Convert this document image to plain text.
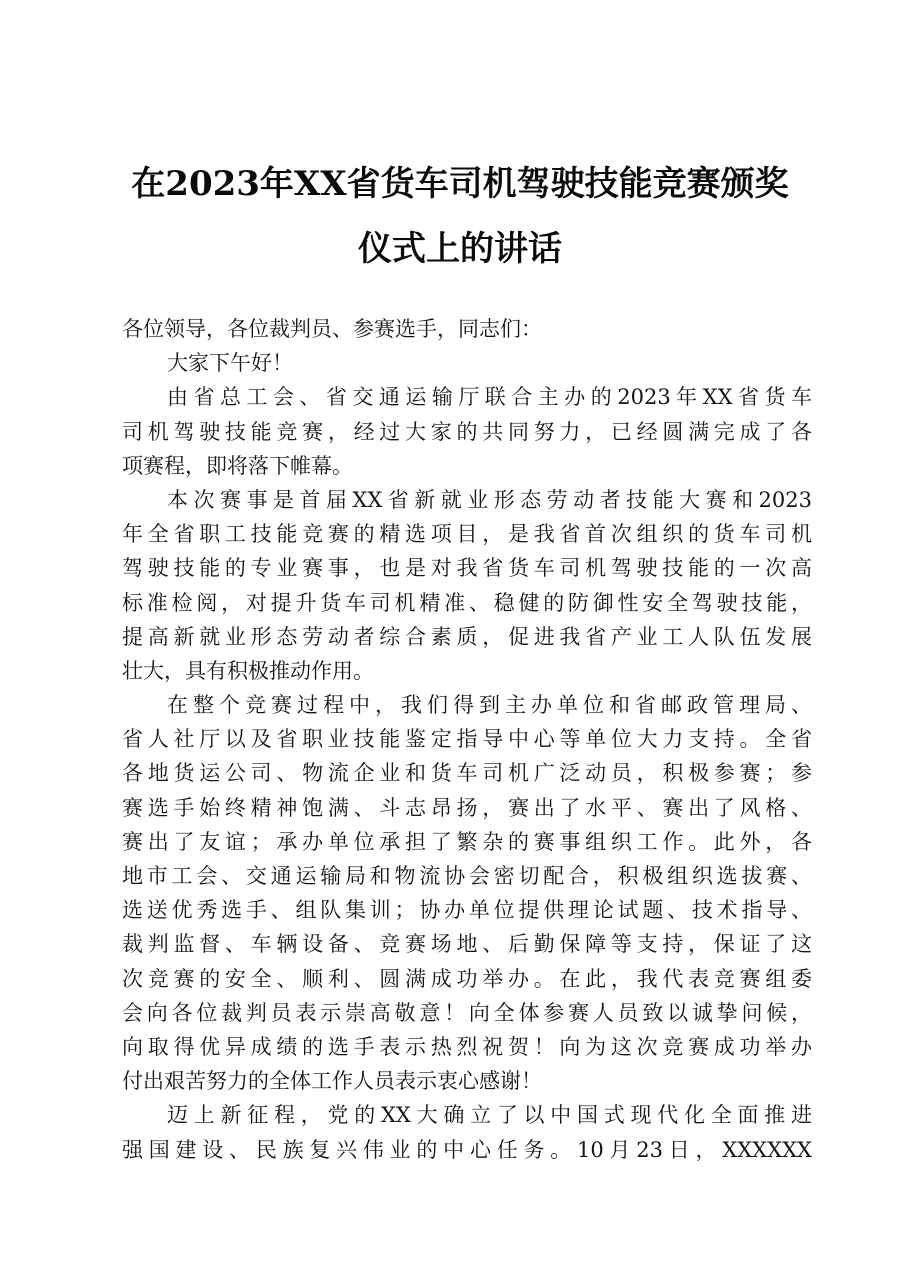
在2023年XX省货车司机驾驶技能竞赛颁奖
仪式上的讲话
各位领导，各位裁判员、参赛选手，同志们：
大家下午好！
由省总工会、省交通运输厅联合主办的2023年XX省货车
司机驾驶技能竞赛，经过大家的共同努力，已经圆满完成了各
项赛程，即将落下帷幕。
本次赛事是首届XX省新就业形态劳动者技能大赛和2023
年全省职工技能竞赛的精选项目，是我省首次组织的货车司机
驾驶技能的专业赛事，也是对我省货车司机驾驶技能的一次高
标准检阅，对提升货车司机精准、稳健的防御性安全驾驶技能，
提高新就业形态劳动者综合素质，促进我省产业工人队伍发展
壮大，具有积极推动作用。
在整个竞赛过程中，我们得到主办单位和省邮政管理局、
省人社厅以及省职业技能鉴定指导中心等单位大力支持。全省
各地货运公司、物流企业和货车司机广泛动员，积极参赛；参
赛选手始终精神饱满、斗志昂扬，赛出了水平、赛出了风格、
赛出了友谊；承办单位承担了繁杂的赛事组织工作。此外，各
地市工会、交通运输局和物流协会密切配合，积极组织选拔赛、
选送优秀选手、组队集训；协办单位提供理论试题、技术指导、
裁判监督、车辆设备、竞赛场地、后勤保障等支持，保证了这
次竞赛的安全、顺利、圆满成功举办。在此，我代表竞赛组委
会向各位裁判员表示崇高敬意！向全体参赛人员致以诚挚问候，
向取得优异成绩的选手表示热烈祝贺！向为这次竞赛成功举办
付出艰苦努力的全体工作人员表示衷心感谢！
迈上新征程，党的XX大确立了以中国式现代化全面推进
强国建设、民族复兴伟业的中心任务。10月23日，XXXXXX
